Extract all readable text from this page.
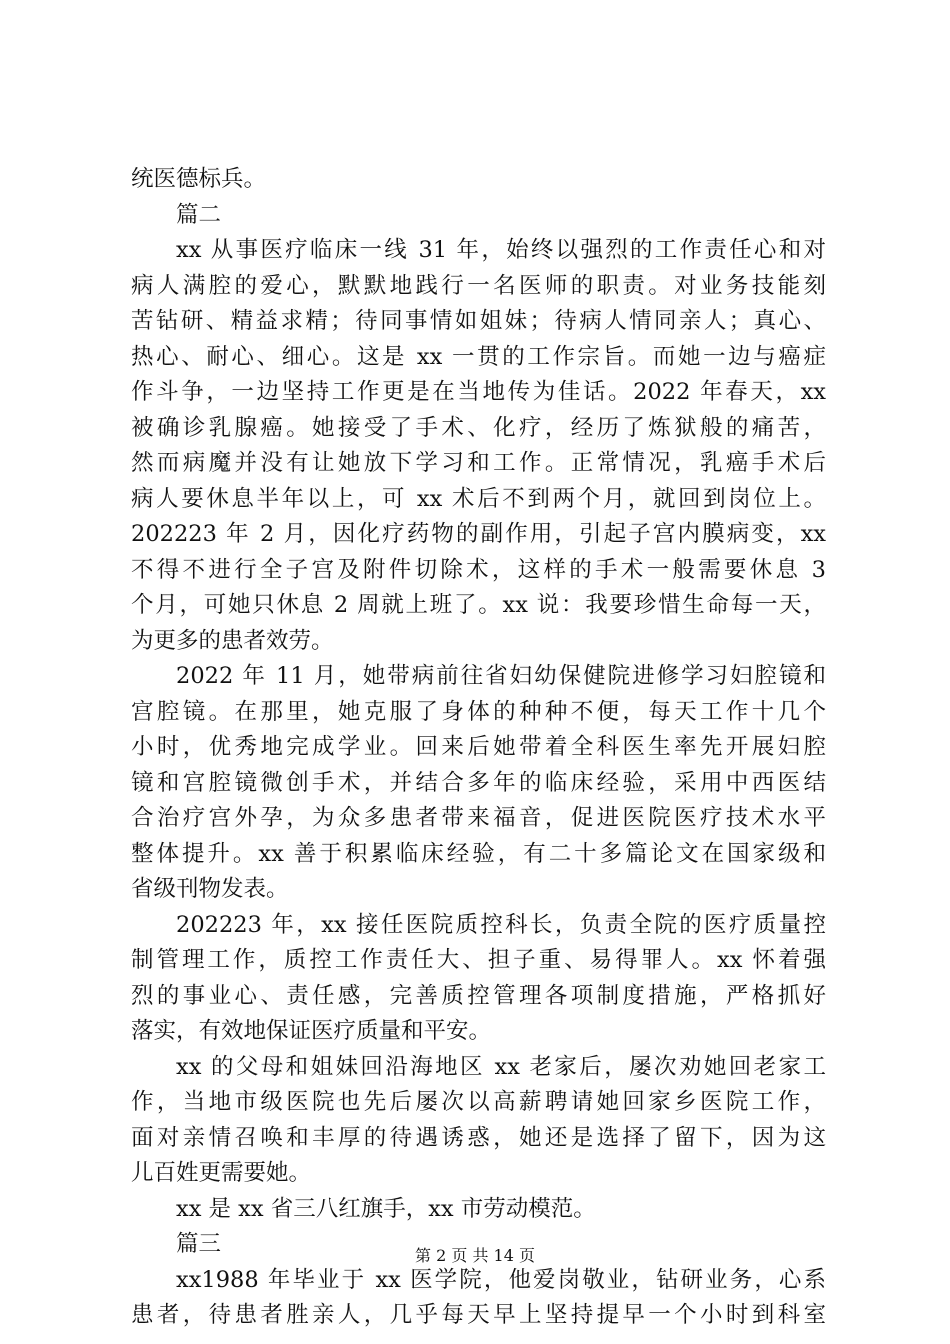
统医德标兵。
篇二
xx 从事医疗临床一线 31 年，始终以强烈的工作责任心和对
病人满腔的爱心，默默地践行一名医师的职责。对业务技能刻
苦钻研、精益求精；待同事情如姐妹；待病人情同亲人；真心、
热心、耐心、细心。这是 xx 一贯的工作宗旨。而她一边与癌症
作斗争，一边坚持工作更是在当地传为佳话。2022 年春天，xx
被确诊乳腺癌。她接受了手术、化疗，经历了炼狱般的痛苦，
然而病魔并没有让她放下学习和工作。正常情况，乳癌手术后
病人要休息半年以上，可 xx 术后不到两个月，就回到岗位上。
202223 年 2 月，因化疗药物的副作用，引起子宫内膜病变，xx
不得不进行全子宫及附件切除术，这样的手术一般需要休息 3
个月，可她只休息 2 周就上班了。xx 说：我要珍惜生命每一天，
为更多的患者效劳。
2022 年 11 月，她带病前往省妇幼保健院进修学习妇腔镜和
宫腔镜。在那里，她克服了身体的种种不便，每天工作十几个
小时，优秀地完成学业。回来后她带着全科医生率先开展妇腔
镜和宫腔镜微创手术，并结合多年的临床经验，采用中西医结
合治疗宫外孕，为众多患者带来福音，促进医院医疗技术水平
整体提升。xx 善于积累临床经验，有二十多篇论文在国家级和
省级刊物发表。
202223 年，xx 接任医院质控科长，负责全院的医疗质量控
制管理工作，质控工作责任大、担子重、易得罪人。xx 怀着强
烈的事业心、责任感，完善质控管理各项制度措施，严格抓好
落实，有效地保证医疗质量和平安。
xx 的父母和姐妹回沿海地区 xx 老家后，屡次劝她回老家工
作，当地市级医院也先后屡次以高薪聘请她回家乡医院工作，
面对亲情召唤和丰厚的待遇诱惑，她还是选择了留下，因为这
儿百姓更需要她。
xx 是 xx 省三八红旗手，xx 市劳动模范。
篇三
xx1988 年毕业于 xx 医学院，他爱岗敬业，钻研业务，心系
患者，待患者胜亲人，几乎每天早上坚持提早一个小时到科室
第 2 页 共 14 页
